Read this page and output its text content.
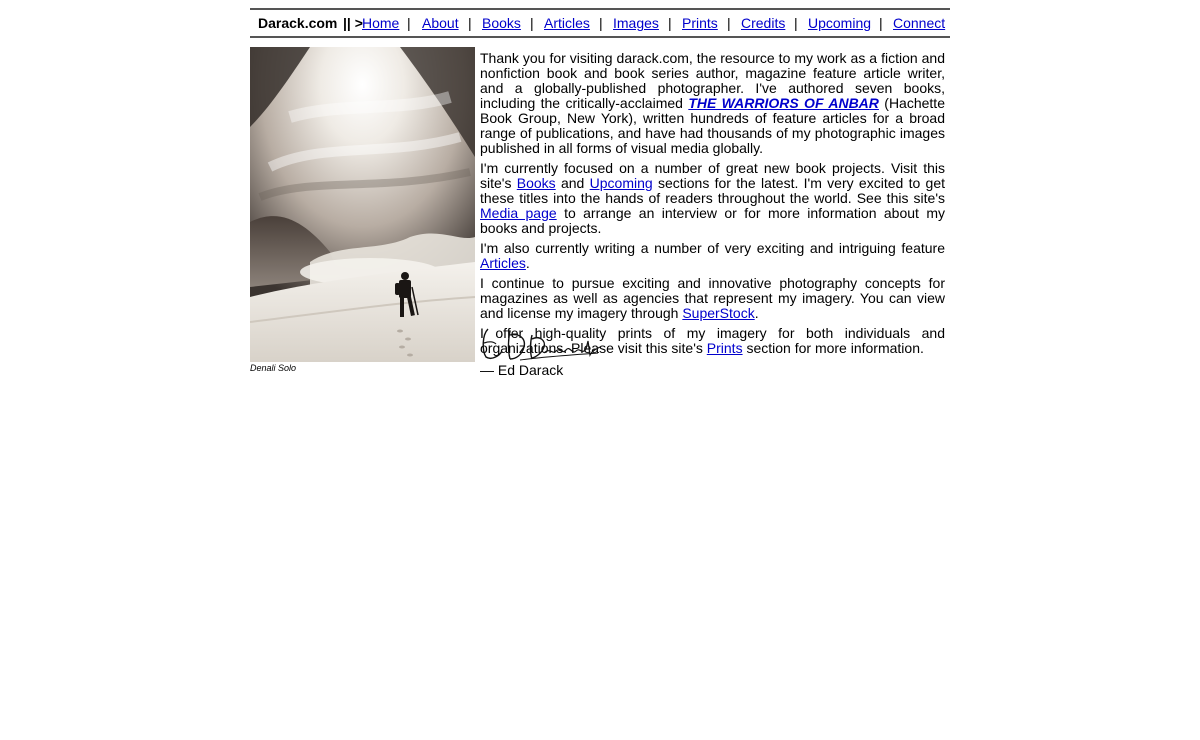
Darack.com || > Home | About | Books | Articles | Images | Prints | Credits | Upcoming | Connect
Denali Solo

Thank you for visiting darack.com, the resource to my work as a fiction and nonfiction book and book series author, magazine feature article writer, and a globally-published photographer. I've authored seven books, including the critically-acclaimed THE WARRIORS OF ANBAR (Hachette Book Group, New York), written hundreds of feature articles for a broad range of publications, and have had thousands of my photographic images published in all forms of visual media globally.

I'm currently focused on a number of great new book projects. Visit this site's Books and Upcoming sections for the latest. I'm very excited to get these titles into the hands of readers throughout the world. See this site's Media page to arrange an interview or for more information about my books and projects.

I'm also currently writing a number of very exciting and intriguing feature Articles.

I continue to pursue exciting and innovative photography concepts for magazines as well as agencies that represent my imagery. You can view and license my imagery through SuperStock.

I offer high-quality prints of my imagery for both individuals and organizations. Please visit this site's Prints section for more information.

— Ed Darack
